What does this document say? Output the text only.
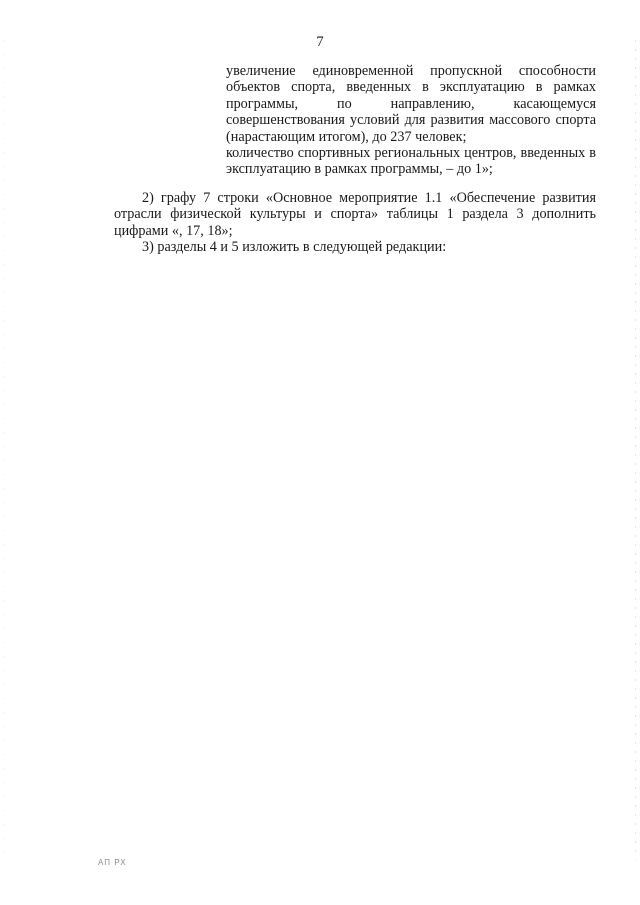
7

увеличение единовременной пропускной способности объектов спорта, введенных в эксплуатацию в рамках программы, по направлению, касающемуся совершенствования условий для развития массового спорта (нарастающим итогом), до 237 человек;

количество спортивных региональных центров, введенных в эксплуатацию в рамках программы, – до 1»;

2) графу 7 строки «Основное мероприятие 1.1 «Обеспечение развития отрасли физической культуры и спорта» таблицы 1 раздела 3 дополнить цифрами «, 17, 18»;

3) разделы 4 и 5 изложить в следующей редакции:

АП РХ
